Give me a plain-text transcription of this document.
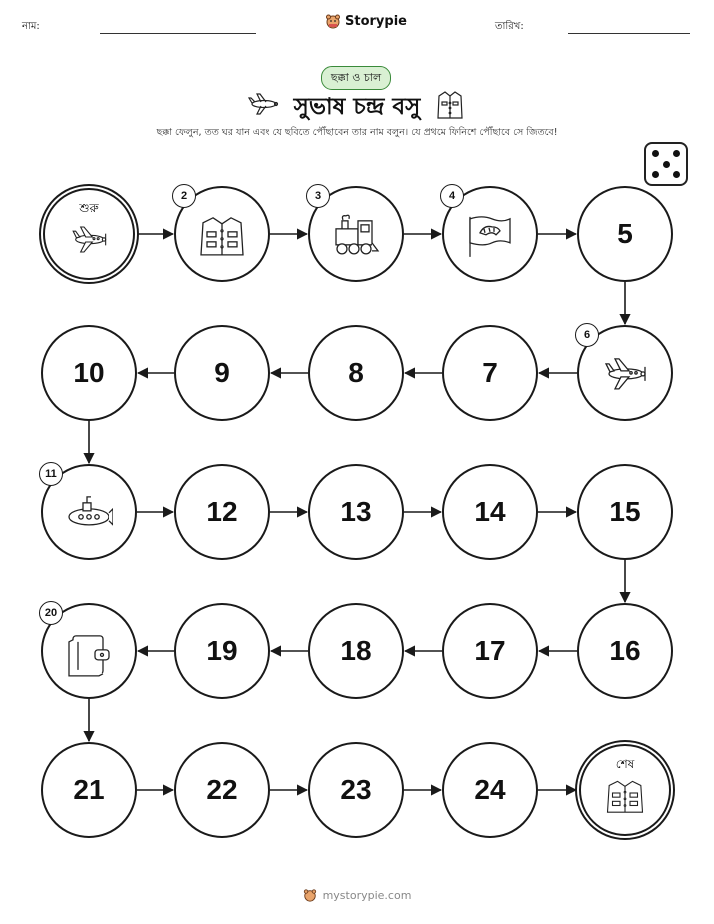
নাম:	Storypie	তারিখ:
ছক্কা ও চাল
সুভাষ চন্দ্র বসু
ছক্কা ফেলুন, তত ঘর যান এবং যে ছবিতে পৌঁছাবেন তার নাম বলুন। যে প্রথমে ফিনিশে পৌঁছাবে সে জিতবে!
শুরু
2	3	4
5
6
7
8
9
10
11
12	13	14	15
16
17
18
19
20
21	22	23	24
শেষ
mystorypie.com
